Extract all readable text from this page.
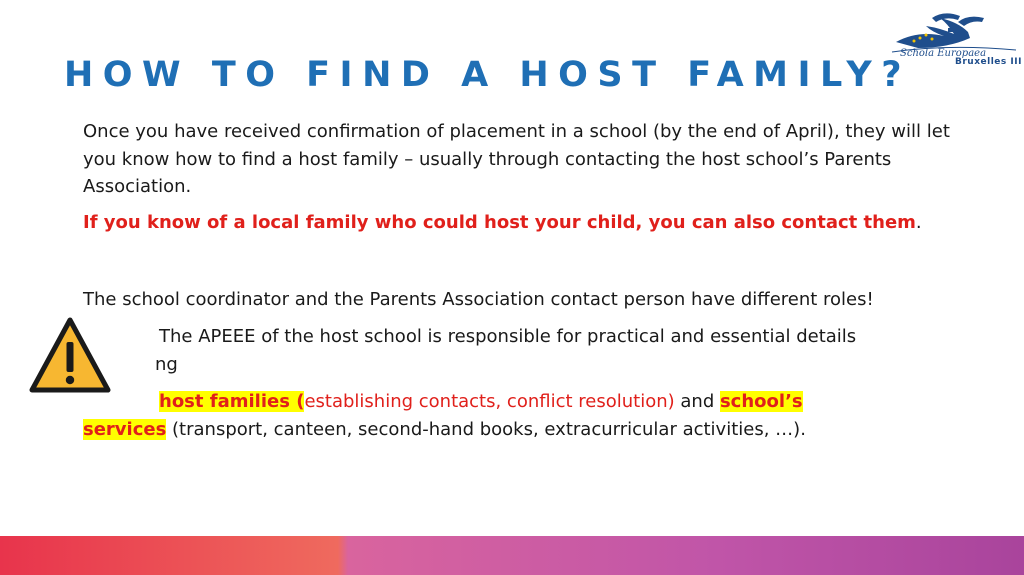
Schola Europaea
Bruxelles III
HOW TO FIND A HOST FAMILY?

Once you have received confirmation of placement in a school (by the end of April), they will let you know how to find a host family – usually through contacting the host school’s Parents Association.

If you know of a local family who could host your child, you can also contact them.

The school coordinator and the Parents Association contact person have different roles!

The APEEE of the host school is responsible for practical and essential details

ng

host families (establishing contacts, conflict resolution) and school’s

services (transport, canteen, second-hand books, extracurricular activities, …).
